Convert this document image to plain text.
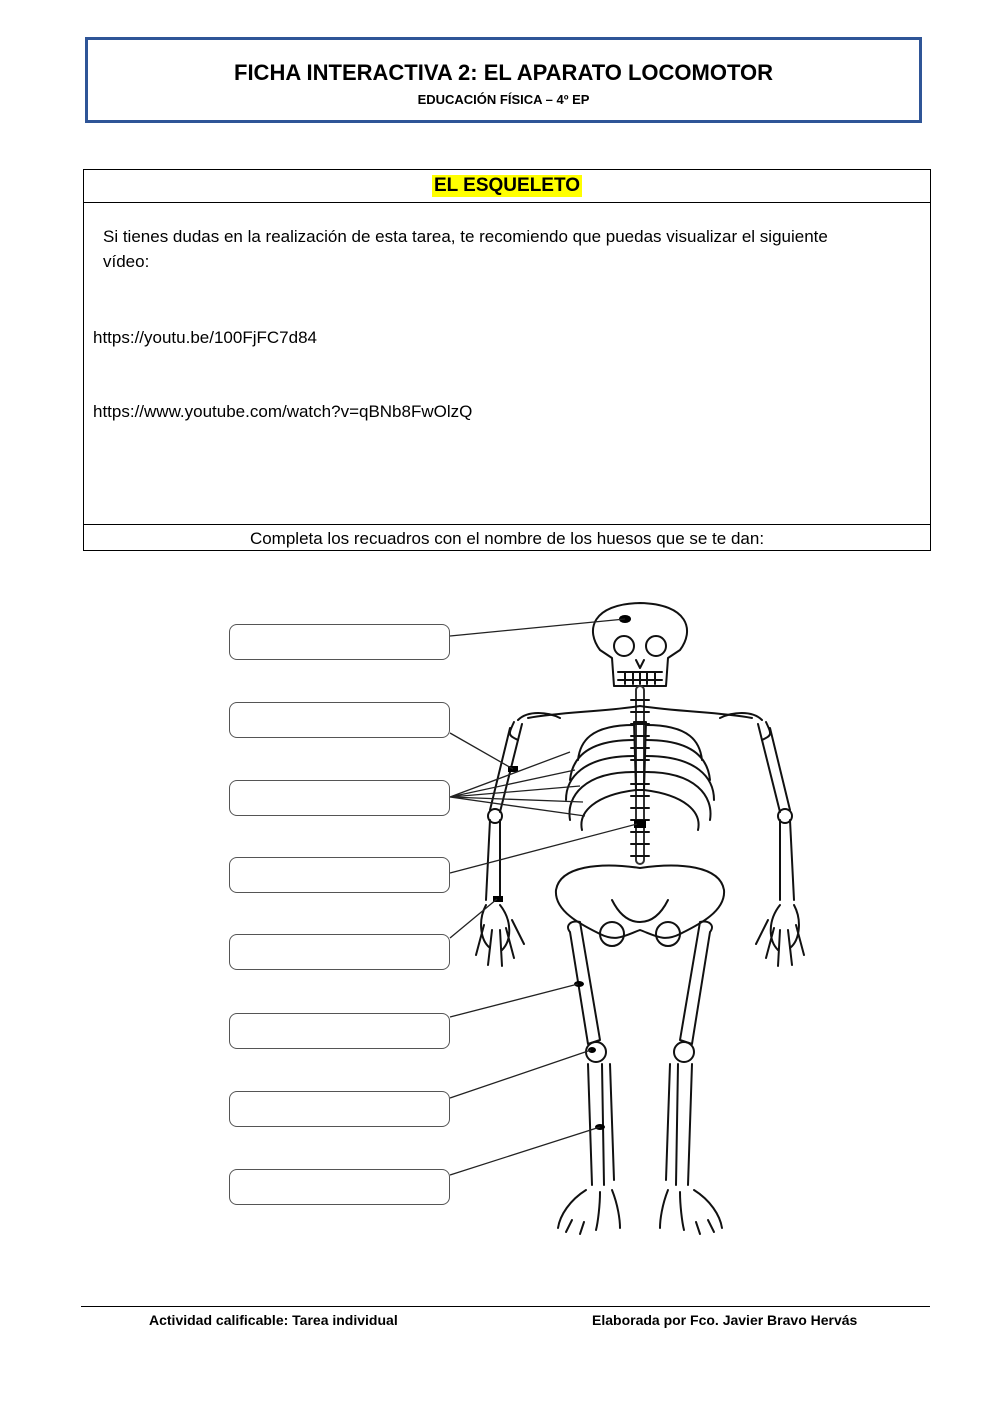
FICHA INTERACTIVA 2: EL APARATO LOCOMOTOR
EDUCACIÓN FÍSICA – 4º EP
EL ESQUELETO
Si tienes dudas en la realización de esta tarea, te recomiendo que puedas visualizar el siguiente vídeo:
https://youtu.be/100FjFC7d84
https://www.youtube.com/watch?v=qBNb8FwOlzQ
Completa los recuadros con el nombre de los huesos que se te dan:
Actividad calificable: Tarea individual	Elaborada por Fco. Javier Bravo Hervás
